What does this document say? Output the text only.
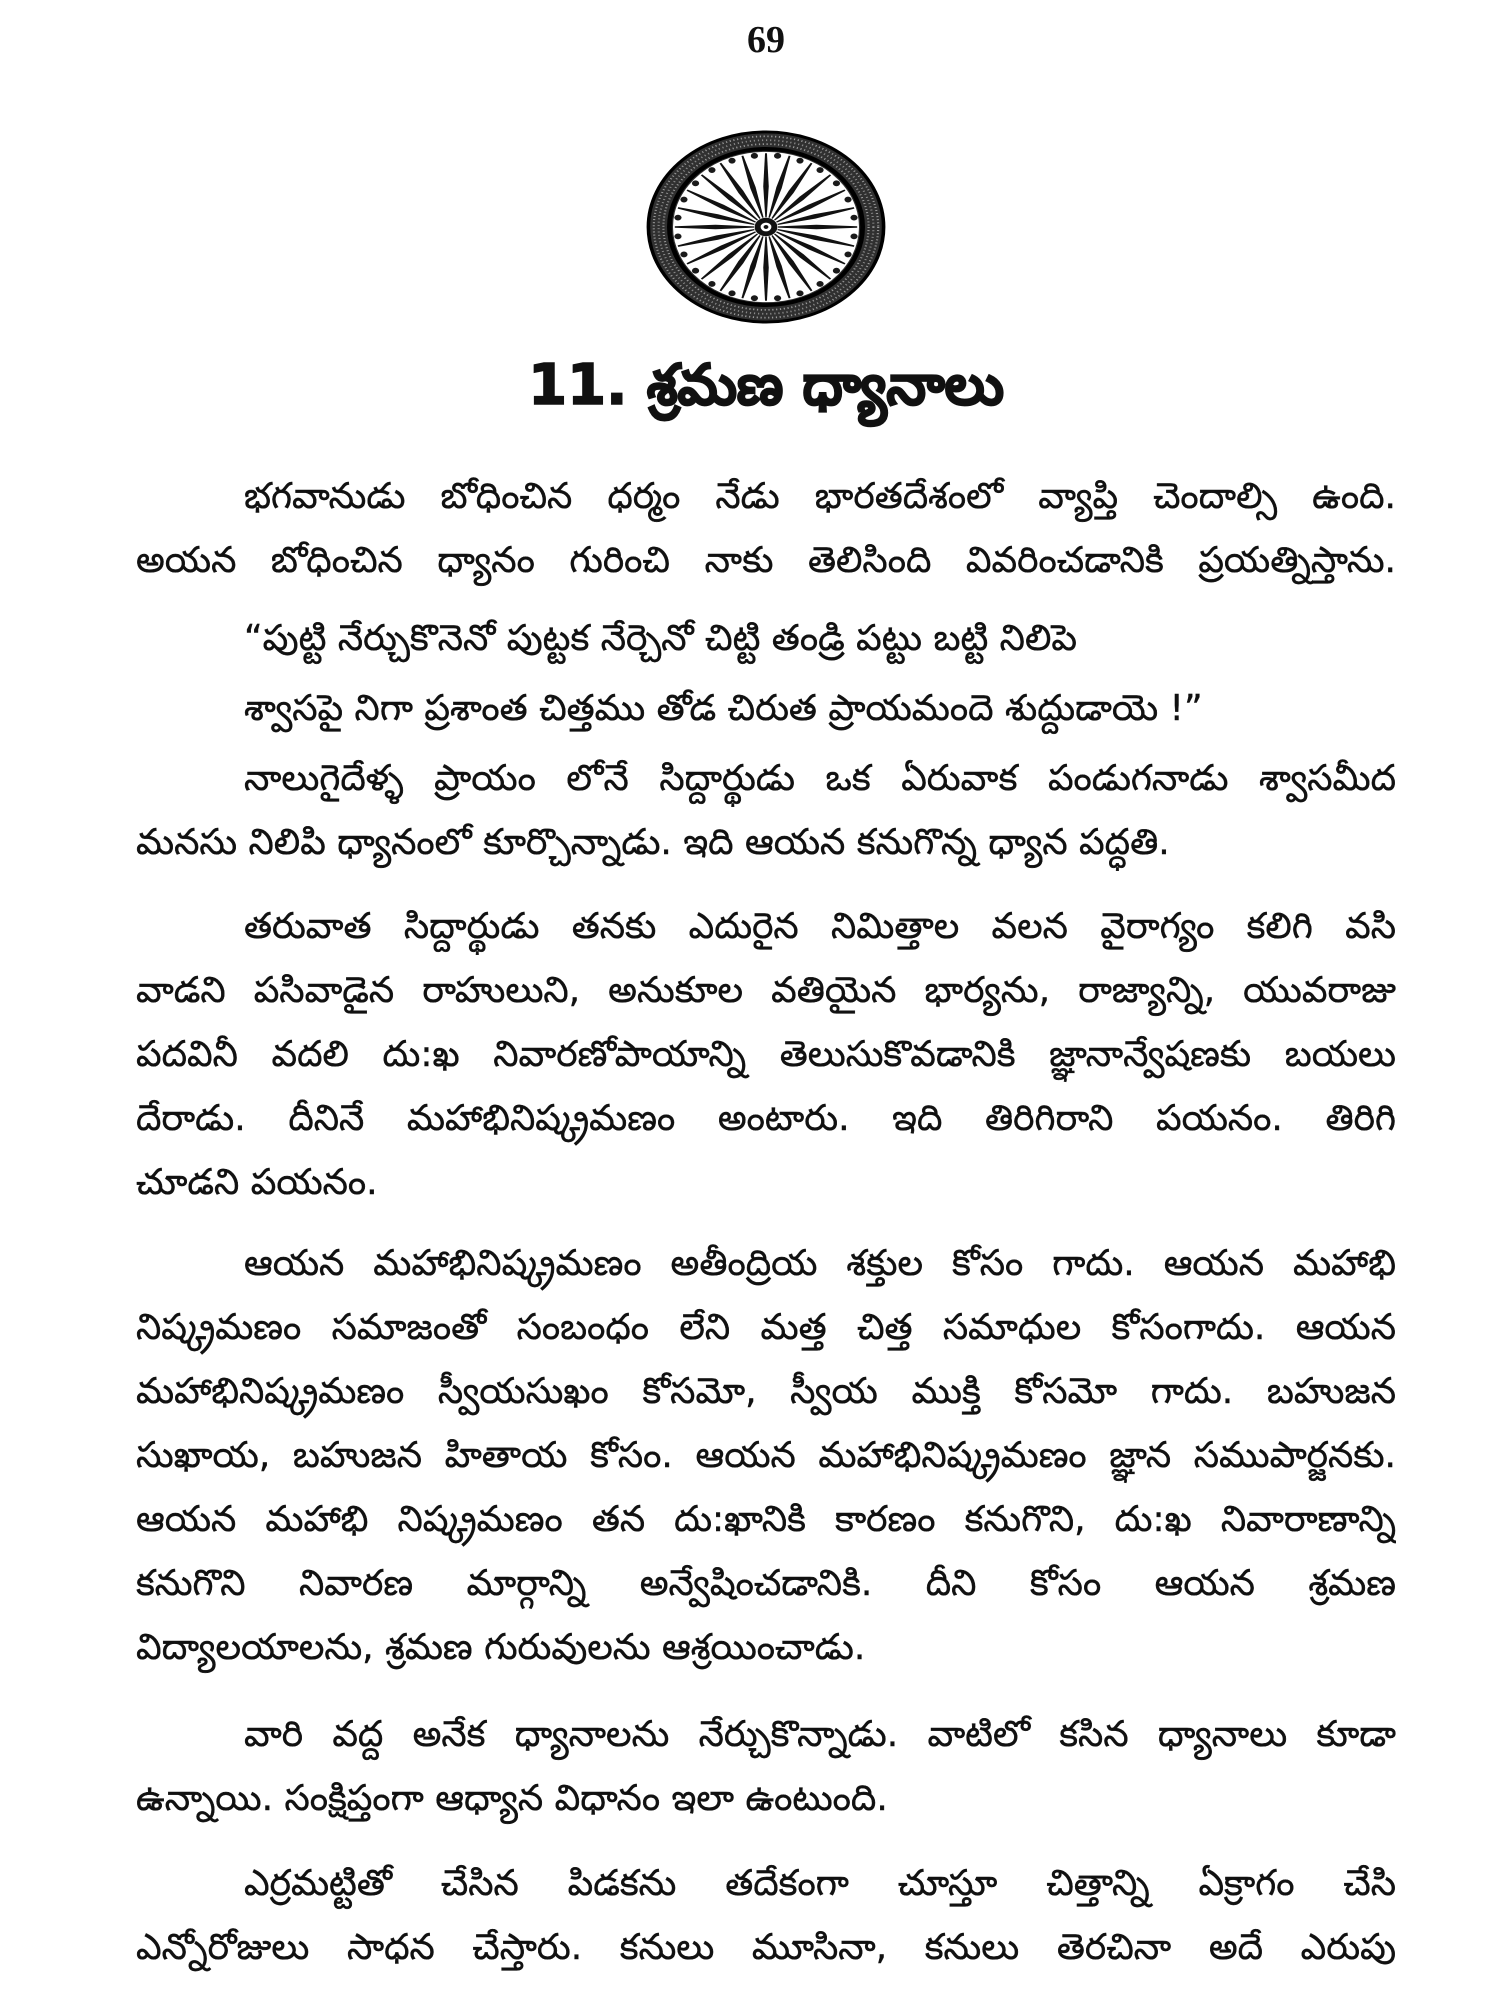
69
11. శ్రమణ ధ్యానాలు
భగవానుడు బోధించిన ధర్మం నేడు భారతదేశంలో వ్యాప్తి చెందాల్సి ఉంది.
అయన బోధించిన ధ్యానం గురించి నాకు తెలిసింది వివరించడానికి ప్రయత్నిస్తాను.
“పుట్టి నేర్చుకొనెనో పుట్టక నేర్చెనో చిట్టి తండ్రి పట్టు బట్టి నిలిపె
శ్వాసపై నిగా ప్రశాంత చిత్తము తోడ చిరుత ప్రాయమందె శుద్దుడాయె !”
నాలుగైదేళ్ళ ప్రాయం లోనే సిద్దార్థుడు ఒక ఏరువాక పండుగనాడు శ్వాసమీద
మనసు నిలిపి ధ్యానంలో కూర్చొన్నాడు. ఇది ఆయన కనుగొన్న ధ్యాన పద్ధతి.
తరువాత సిద్దార్థుడు తనకు ఎదురైన నిమిత్తాల వలన వైరాగ్యం కలిగి వసి
వాడని పసివాడైన రాహులుని, అనుకూల వతియైన భార్యను, రాజ్యాన్ని, యువరాజు
పదవినీ వదలి దు:ఖ నివారణోపాయాన్ని తెలుసుకొవడానికి జ్ఞానాన్వేషణకు బయలు
దేరాడు. దీనినే మహాభినిష్క్రమణం అంటారు. ఇది తిరిగిరాని పయనం. తిరిగి
చూడని పయనం.
ఆయన మహాభినిష్క్రమణం అతీంద్రియ శక్తుల కోసం గాదు. ఆయన మహాభి
నిష్క్రమణం సమాజంతో సంబంధం లేని మత్త చిత్త సమాధుల కోసంగాదు. ఆయన
మహాభినిష్క్రమణం స్వీయసుఖం కోసమో, స్వీయ ముక్తి కోసమో గాదు. బహుజన
సుఖాయ, బహుజన హితాయ కోసం. ఆయన మహాభినిష్క్రమణం జ్ఞాన సముపార్జనకు.
ఆయన మహాభి నిష్క్రమణం తన దు:ఖానికి కారణం కనుగొని, దు:ఖ నివారాణాన్ని
కనుగొని నివారణ మార్గాన్ని అన్వేషించడానికి. దీని కోసం ఆయన శ్రమణ
విద్యాలయాలను, శ్రమణ గురువులను ఆశ్రయించాడు.
వారి వద్ద అనేక ధ్యానాలను నేర్చుకొన్నాడు. వాటిలో కసిన ధ్యానాలు కూడా
ఉన్నాయి. సంక్షిప్తంగా ఆధ్యాన విధానం ఇలా ఉంటుంది.
ఎర్రమట్టితో చేసిన పిడకను తదేకంగా చూస్తూ చిత్తాన్ని ఏక్రాగం చేసి
ఎన్నోరోజులు సాధన చేస్తారు. కనులు మూసినా, కనులు తెరచినా అదే ఎరుపు
